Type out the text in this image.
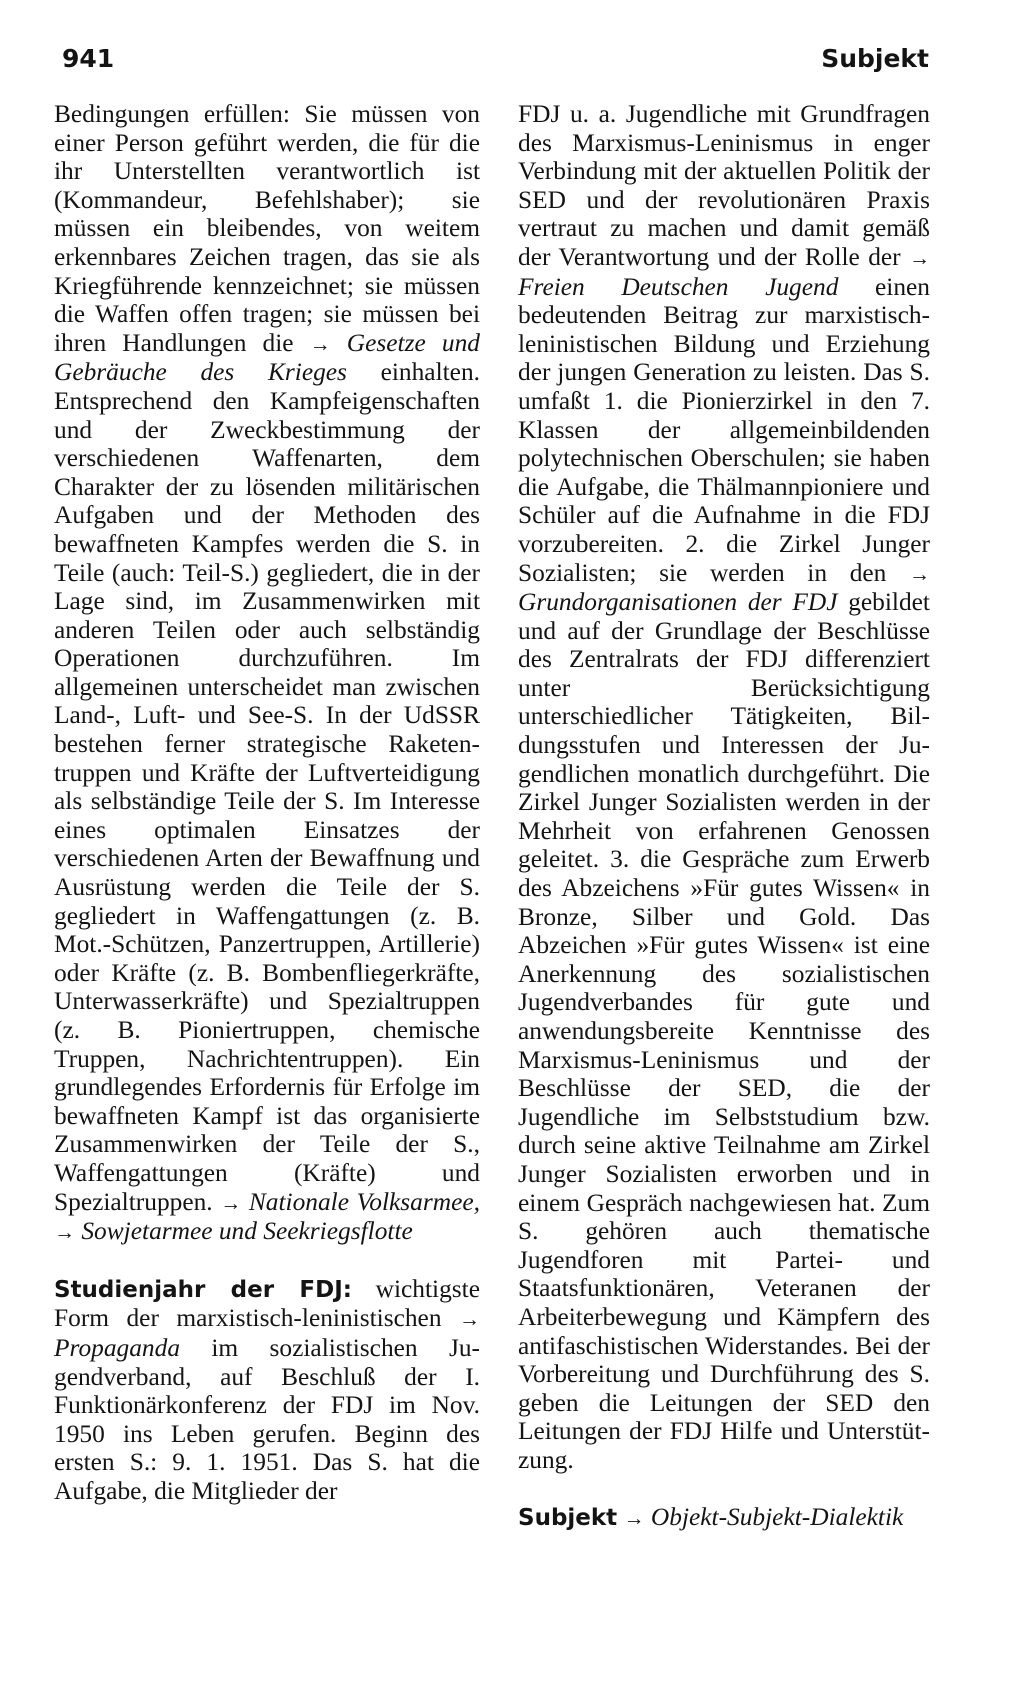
941	Subjekt

Bedingungen erfüllen: Sie müssen von einer Person geführt werden, die für die ihr Unterstellten verantwortlich ist (Kommandeur, Befehlshaber); sie müssen ein bleibendes, von weitem erkennbares Zeichen tragen, das sie als Kriegführende kennzeichnet; sie müssen die Waffen offen tragen; sie müssen bei ihren Handlungen die → Gesetze und Gebräuche des Krieges einhalten. Entsprechend den Kampfeigenschaften und der Zweckbestimmung der verschiedenen Waffenarten, dem Charakter der zu lösenden militärischen Aufgaben und der Methoden des bewaffneten Kampfes werden die S. in Teile (auch: Teil-S.) gegliedert, die in der Lage sind, im Zusammenwirken mit anderen Teilen oder auch selbständig Operationen durchzuführen. Im allgemeinen unterscheidet man zwischen Land-, Luft- und See-S. In der UdSSR bestehen ferner strategische Raketentruppen und Kräfte der Luftverteidigung als selbständige Teile der S. Im Interesse eines optimalen Einsatzes der verschiedenen Arten der Bewaffnung und Ausrüstung werden die Teile der S. gegliedert in Waffengattungen (z. B. Mot.-Schützen, Panzertruppen, Artillerie) oder Kräfte (z. B. Bombenfliegerkräfte, Unterwasserkräfte) und Spezialtruppen (z. B. Pioniertruppen, chemische Truppen, Nachrichtentruppen). Ein grundlegendes Erfordernis für Erfolge im bewaffneten Kampf ist das organisierte Zusammenwirken der Teile der S., Waffengattungen (Kräfte) und Spezialtruppen. → Nationale Volksarmee, → Sowjetarmee und Seekriegsflotte

Studienjahr der FDJ: wichtigste Form der marxistisch-leninistischen → Propaganda im sozialistischen Jugendverband, auf Beschluß der I. Funktionärkonferenz der FDJ im Nov. 1950 ins Leben gerufen. Beginn des ersten S.: 9. 1. 1951. Das S. hat die Aufgabe, die Mitglieder der

FDJ u. a. Jugendliche mit Grundfragen des Marxismus-Leninismus in enger Verbindung mit der aktuellen Politik der SED und der revolutionären Praxis vertraut zu machen und damit gemäß der Verantwortung und der Rolle der → Freien Deutschen Jugend einen bedeutenden Beitrag zur marxistisch-leninistischen Bildung und Erziehung der jungen Generation zu leisten. Das S. umfaßt 1. die Pionierzirkel in den 7. Klassen der allgemeinbildenden polytechnischen Oberschulen; sie haben die Aufgabe, die Thälmannpioniere und Schüler auf die Aufnahme in die FDJ vorzubereiten. 2. die Zirkel Junger Sozialisten; sie werden in den → Grundorganisationen der FDJ gebildet und auf der Grundlage der Beschlüsse des Zentralrats der FDJ differenziert unter Berücksichtigung unterschiedlicher Tätigkeiten, Bildungsstufen und Interessen der Jugendlichen monatlich durchgeführt. Die Zirkel Junger Sozialisten werden in der Mehrheit von erfahrenen Genossen geleitet. 3. die Gespräche zum Erwerb des Abzeichens »Für gutes Wissen« in Bronze, Silber und Gold. Das Abzeichen »Für gutes Wissen« ist eine Anerkennung des sozialistischen Jugendverbandes für gute und anwendungsbereite Kenntnisse des Marxismus-Leninismus und der Beschlüsse der SED, die der Jugendliche im Selbststudium bzw. durch seine aktive Teilnahme am Zirkel Junger Sozialisten erworben und in einem Gespräch nachgewiesen hat. Zum S. gehören auch thematische Jugendforen mit Partei- und Staatsfunktionären, Veteranen der Arbeiterbewegung und Kämpfern des antifaschistischen Widerstandes. Bei der Vorbereitung und Durchführung des S. geben die Leitungen der SED den Leitungen der FDJ Hilfe und Unterstützung.

Subjekt → Objekt-Subjekt-Dialektik
